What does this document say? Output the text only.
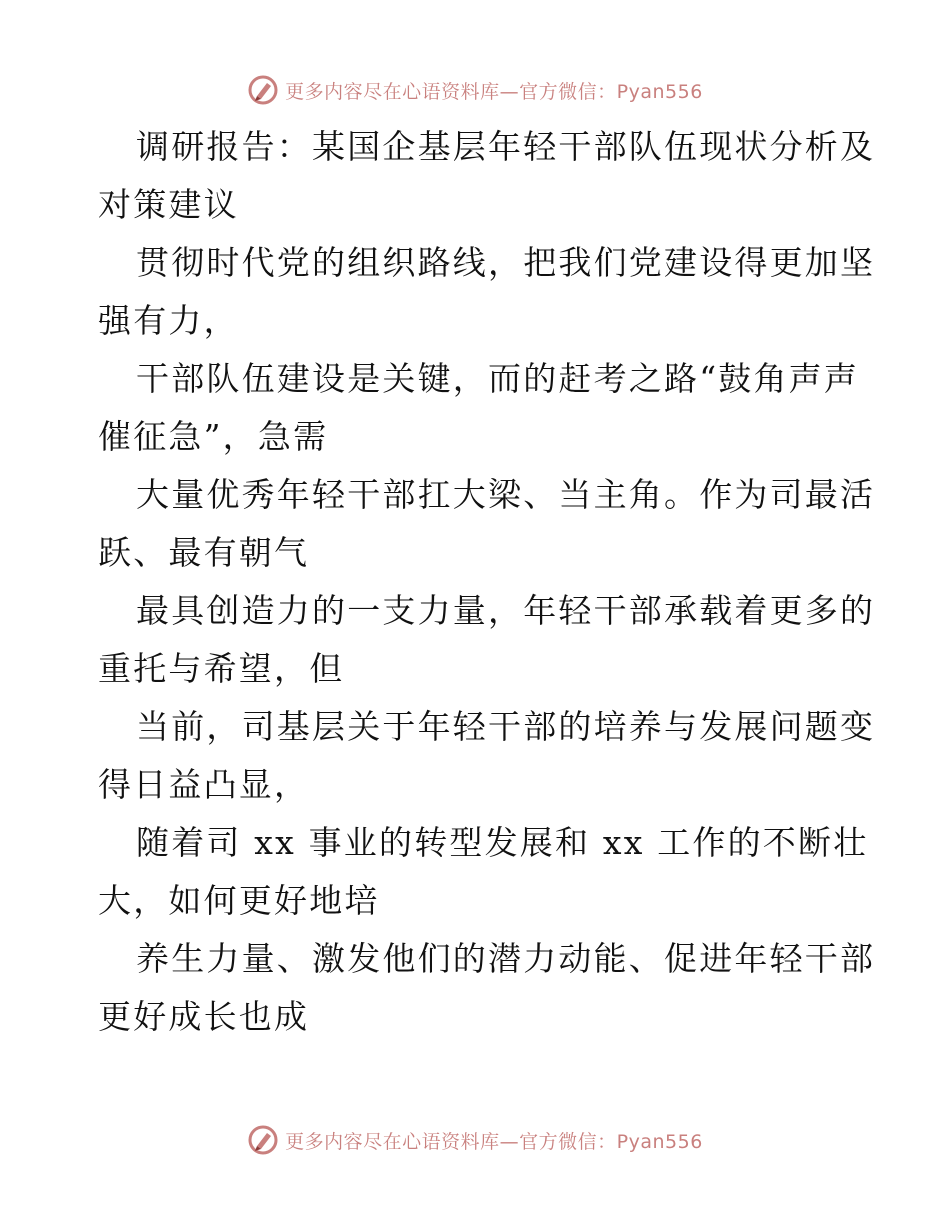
更多内容尽在心语资料库—官方微信：Pyan556

调研报告：某国企基层年轻干部队伍现状分析及
对策建议

贯彻时代党的组织路线，把我们党建设得更加坚
强有力，

干部队伍建设是关键，而的赶考之路“鼓角声声
催征急”，急需

大量优秀年轻干部扛大梁、当主角。作为司最活
跃、最有朝气

最具创造力的一支力量，年轻干部承载着更多的
重托与希望，但

当前，司基层关于年轻干部的培养与发展问题变
得日益凸显，

随着司 xx 事业的转型发展和 xx 工作的不断壮
大，如何更好地培

养生力量、激发他们的潜力动能、促进年轻干部
更好成长也成

更多内容尽在心语资料库—官方微信：Pyan556
